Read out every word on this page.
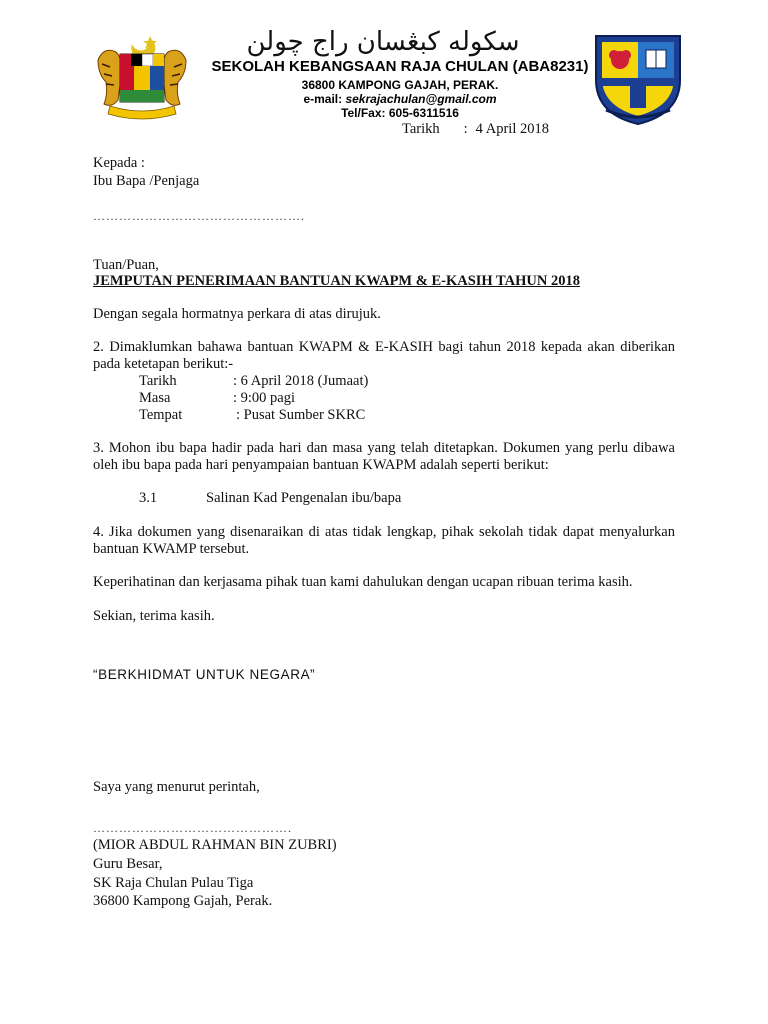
سکوله کبڠسان راج چولن
SEKOLAH KEBANGSAAN RAJA CHULAN (ABA8231)
36800 KAMPONG GAJAH, PERAK.
e-mail: sekrajachulan@gmail.com
Tel/Fax: 605-6311516
Tarikh : 4 April 2018
Kepada :
Ibu Bapa /Penjaga
………………………………………….
Tuan/Puan,
JEMPUTAN PENERIMAAN BANTUAN KWAPM & E-KASIH TAHUN 2018
Dengan segala hormatnya perkara di atas dirujuk.
2. Dimaklumkan bahawa bantuan KWAPM & E-KASIH bagi tahun 2018 kepada akan diberikan pada ketetapan berikut:-
Tarikh	: 6 April 2018 (Jumaat)
Masa	: 9:00 pagi
Tempat	: Pusat Sumber SKRC
3. Mohon ibu bapa hadir pada hari dan masa yang telah ditetapkan. Dokumen yang perlu dibawa oleh ibu bapa pada hari penyampaian bantuan KWAPM adalah seperti berikut:
3.1	Salinan Kad Pengenalan ibu/bapa
4. Jika dokumen yang disenaraikan di atas tidak lengkap, pihak sekolah tidak dapat menyalurkan bantuan KWAMP tersebut.
Keperihatinan dan kerjasama pihak tuan kami dahulukan dengan ucapan ribuan terima kasih.
Sekian, terima kasih.
“BERKHIDMAT UNTUK NEGARA”
Saya yang menurut perintah,
……………………………………….
(MIOR ABDUL RAHMAN BIN ZUBRI)
Guru Besar,
SK Raja Chulan Pulau Tiga
36800 Kampong Gajah, Perak.
